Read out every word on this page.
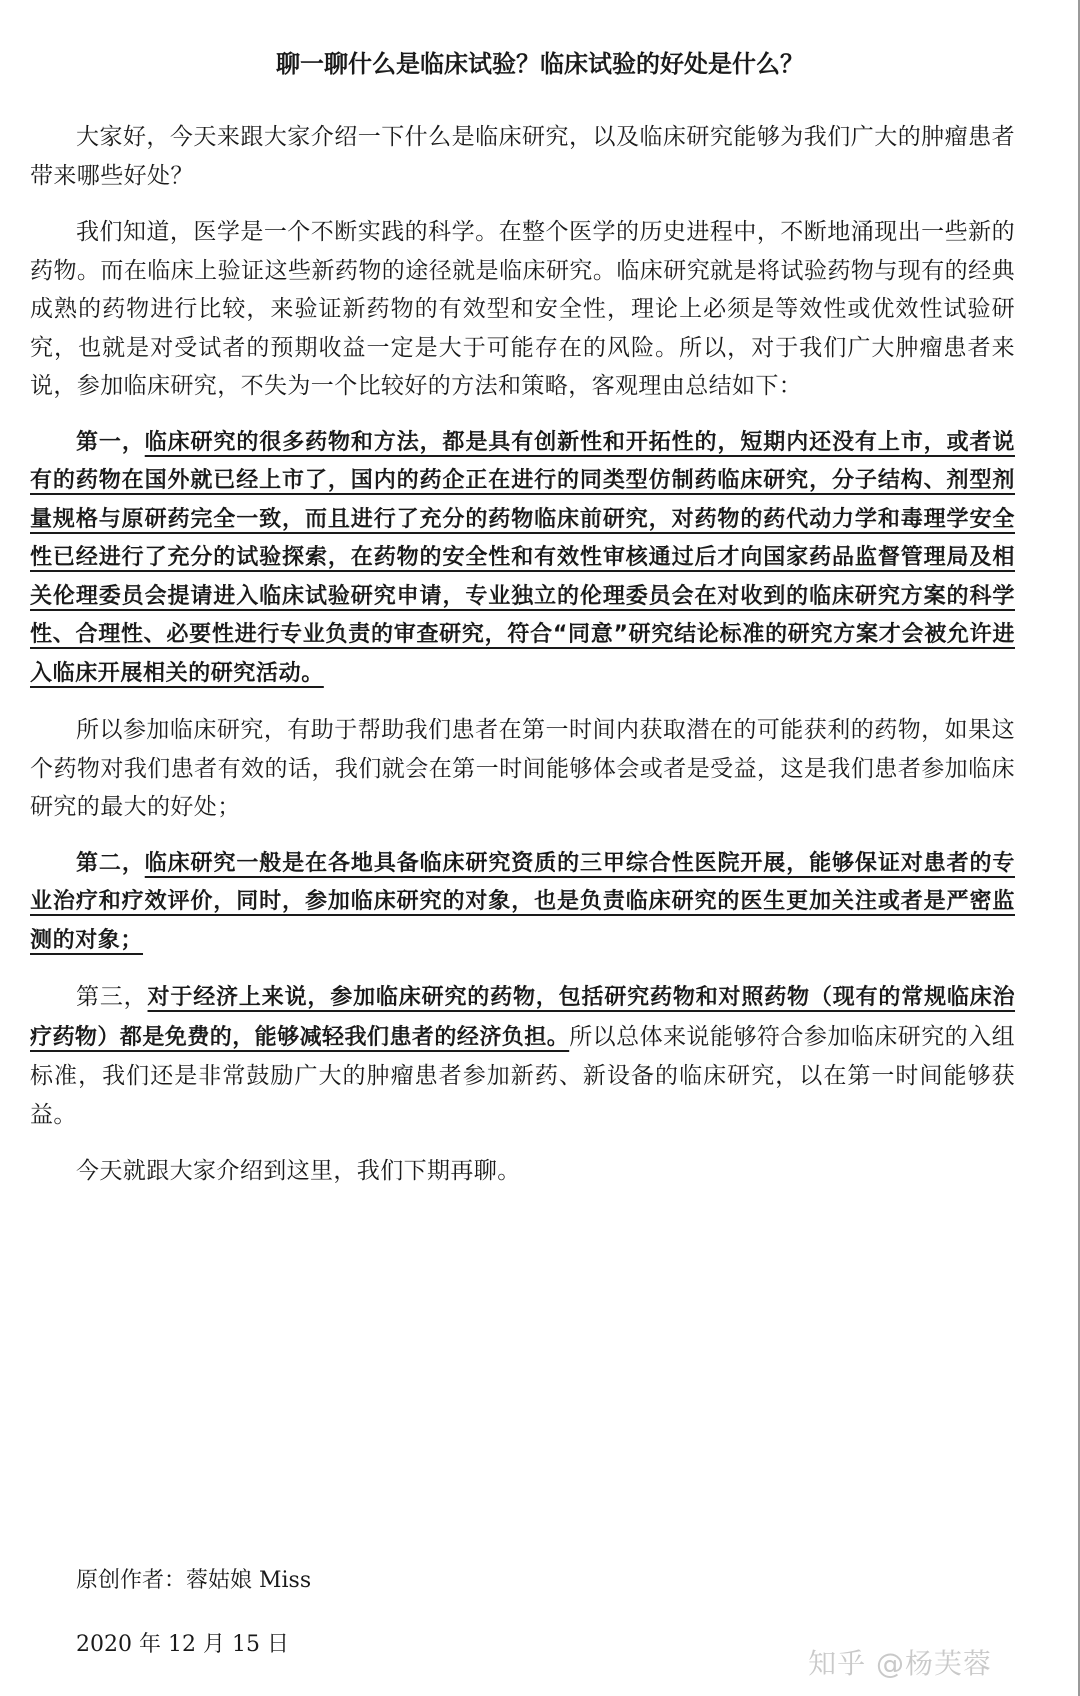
聊一聊什么是临床试验？临床试验的好处是什么？

大家好，今天来跟大家介绍一下什么是临床研究，以及临床研究能够为我们广大的肿瘤患者带来哪些好处？

我们知道，医学是一个不断实践的科学。在整个医学的历史进程中，不断地涌现出一些新的药物。而在临床上验证这些新药物的途径就是临床研究。临床研究就是将试验药物与现有的经典成熟的药物进行比较，来验证新药物的有效型和安全性，理论上必须是等效性或优效性试验研究，也就是对受试者的预期收益一定是大于可能存在的风险。所以，对于我们广大肿瘤患者来说，参加临床研究，不失为一个比较好的方法和策略，客观理由总结如下：

第一，临床研究的很多药物和方法，都是具有创新性和开拓性的，短期内还没有上市，或者说有的药物在国外就已经上市了，国内的药企正在进行的同类型仿制药临床研究，分子结构、剂型剂量规格与原研药完全一致，而且进行了充分的药物临床前研究，对药物的药代动力学和毒理学安全性已经进行了充分的试验探索，在药物的安全性和有效性审核通过后才向国家药品监督管理局及相关伦理委员会提请进入临床试验研究申请，专业独立的伦理委员会在对收到的临床研究方案的科学性、合理性、必要性进行专业负责的审查研究，符合“同意”研究结论标准的研究方案才会被允许进入临床开展相关的研究活动。

所以参加临床研究，有助于帮助我们患者在第一时间内获取潜在的可能获利的药物，如果这个药物对我们患者有效的话，我们就会在第一时间能够体会或者是受益，这是我们患者参加临床研究的最大的好处；

第二，临床研究一般是在各地具备临床研究资质的三甲综合性医院开展，能够保证对患者的专业治疗和疗效评价，同时，参加临床研究的对象，也是负责临床研究的医生更加关注或者是严密监测的对象；

第三，对于经济上来说，参加临床研究的药物，包括研究药物和对照药物（现有的常规临床治疗药物）都是免费的，能够减轻我们患者的经济负担。所以总体来说能够符合参加临床研究的入组标准，我们还是非常鼓励广大的肿瘤患者参加新药、新设备的临床研究，以在第一时间能够获益。

今天就跟大家介绍到这里，我们下期再聊。

原创作者：蓉姑娘 Miss
2020 年 12 月 15 日
知乎 @杨芙蓉
